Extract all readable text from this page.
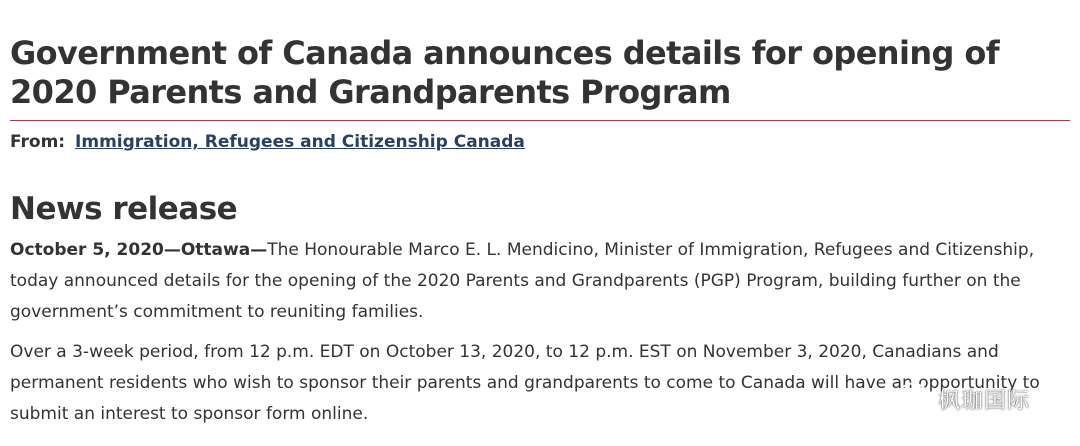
Government of Canada announces details for opening of 2020 Parents and Grandparents Program
From: Immigration, Refugees and Citizenship Canada
News release

October 5, 2020—Ottawa—The Honourable Marco E. L. Mendicino, Minister of Immigration, Refugees and Citizenship, today announced details for the opening of the 2020 Parents and Grandparents (PGP) Program, building further on the government’s commitment to reuniting families.

Over a 3-week period, from 12 p.m. EDT on October 13, 2020, to 12 p.m. EST on November 3, 2020, Canadians and permanent residents who wish to sponsor their parents and grandparents to come to Canada will have an opportunity to submit an interest to sponsor form online.

枫珈国际
